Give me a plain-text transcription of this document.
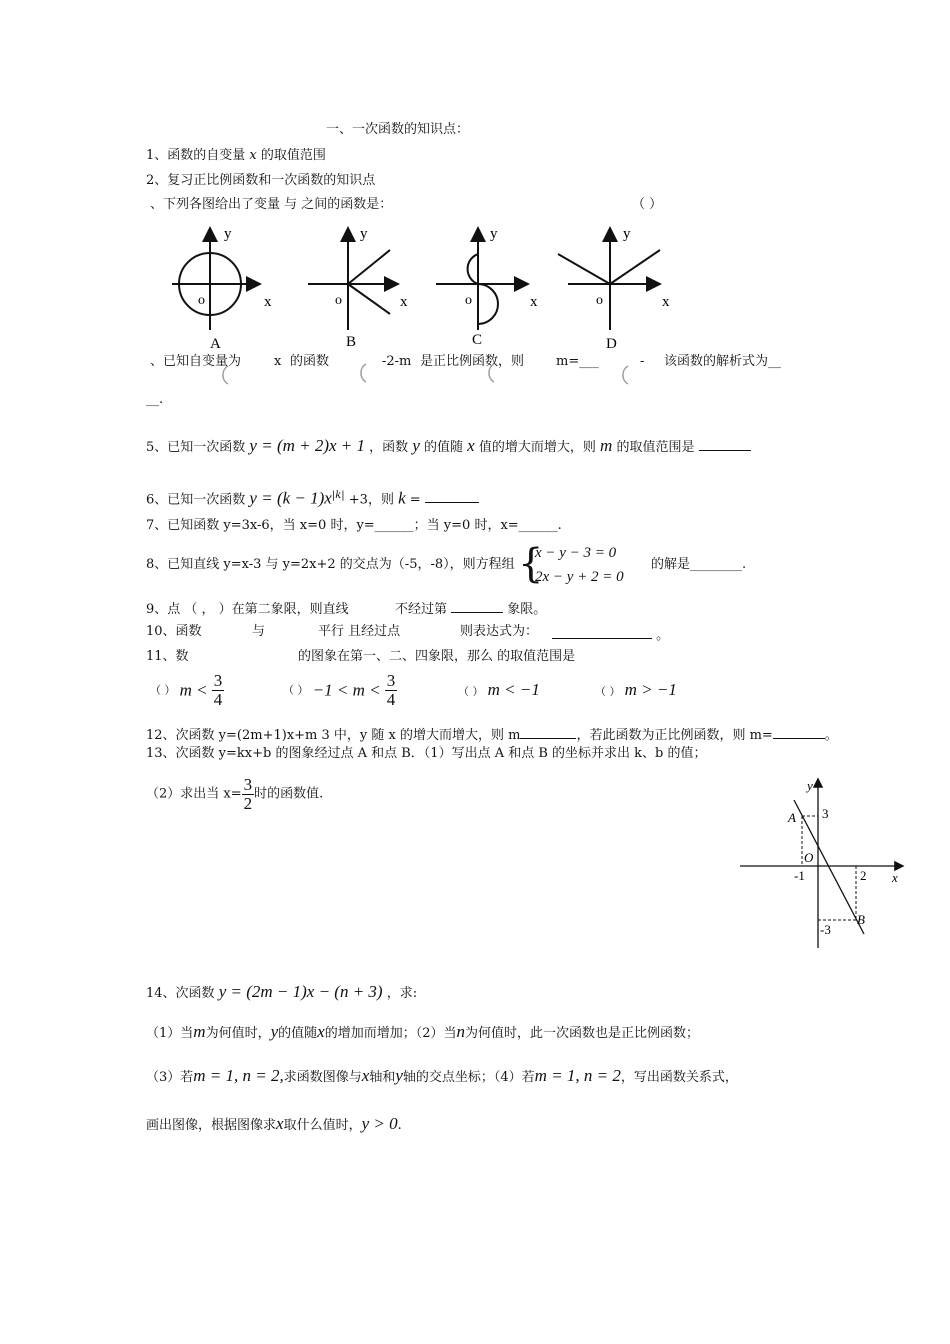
一、一次函数的知识点：
1、函数的自变量 x 的取值范围
2、复习正比例函数和一次函数的知识点
、下列各图给出了变量 与 之间的函数是：	（ ）
y
x
o
A
y
x
o
B
y
x
o
C
y
x
o
D
、已知自变量为	x 的函数	-2-m 是正比例函数，则 m=___	- 该函数的解析式为__
__.
5、已知一次函数 y = (m + 2)x + 1 ，函数 y 的值随 x 值的增大而增大，则 m 的取值范围是
6、已知一次函数 $y = (k - 1)x^{|k|} +3$，则 k =
7、已知函数 y=3x-6，当 x=0 时，y=______；当 y=0 时，x=______.
8、已知直线 y=x-3 与 y=2x+2 的交点为（-5，-8），则方程组 {
x − y − 3 = 0
2x − y + 2 = 0
的解是________.
9、点 （ ， ）在第二象限，则直线	不经过第	象限。
10、函数	与	平行 且经过点	则表达式为：	。
11、数	的图象在第一、二、四象限，那么 的取值范围是
（ ） $m < \frac{3}{4}$	（ ） $-1 < m < \frac{3}{4}$	（ ） m < −1	（ ） m > −1
12、次函数 y=(2m+1)x+m 3 中，y 随 x 的增大而增大，则 m	，若此函数为正比例函数，则 m=	。
13、次函数 y=kx+b 的图象经过点 A 和点 B．（1）写出点 A 和点 B 的坐标并求出 k、b 的值；
（2）求出当 $x= \frac{3}{2}$ 时的函数值.
y
x
O
A
B
3
-1	2
-3
14、次函数 y = (2m − 1)x − (n + 3) ，求:
（1）当m为何值时，y的值随x的增加而增加；（2）当n为何值时，此一次函数也是正比例函数；
（3）若m = 1, n = 2,求函数图像与x轴和y轴的交点坐标；（4）若m = 1, n = 2，写出函数关系式，
画出图像，根据图像求x取什么值时，y > 0.
